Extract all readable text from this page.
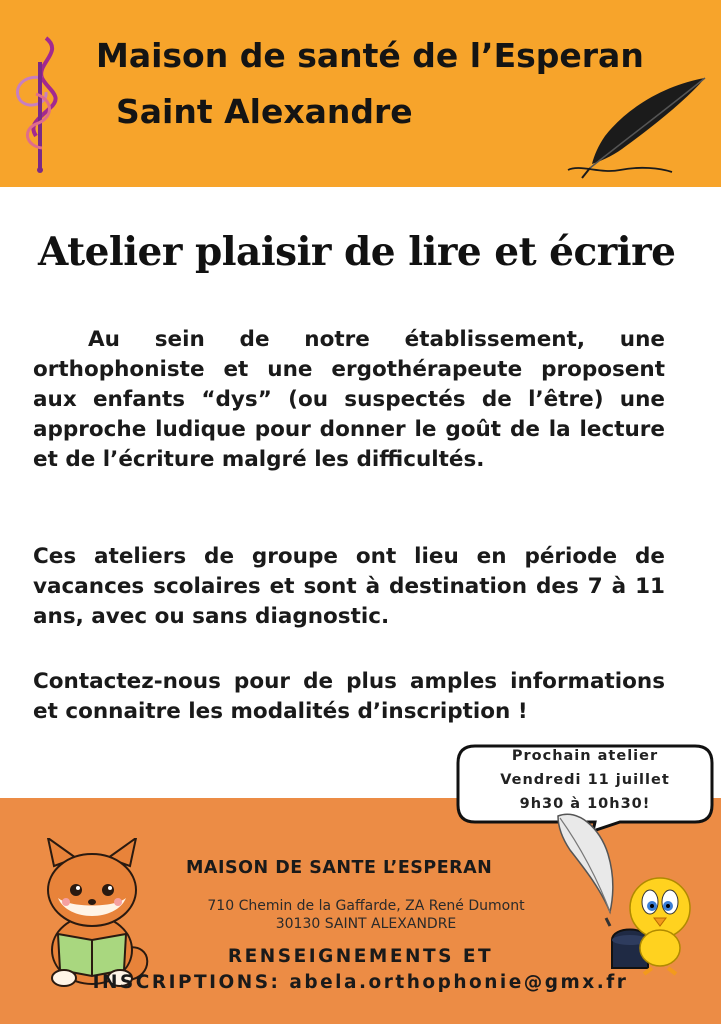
Maison de santé de l’Esperan
Saint Alexandre
Atelier plaisir de lire et écrire
Au sein de notre établissement, une orthophoniste et une ergothérapeute proposent aux enfants “dys” (ou suspectés de l’être) une approche ludique pour donner le goût de la lecture et de l’écriture malgré les difficultés.
Ces ateliers de groupe ont lieu en période de vacances scolaires et sont à destination des 7 à 11 ans, avec ou sans diagnostic.
Contactez-nous pour de plus amples informations et connaitre les modalités d’inscription !
Prochain atelier
Vendredi 11 juillet
9h30 à 10h30!
MAISON DE SANTE L’ESPERAN
710 Chemin de la Gaffarde, ZA René Dumont
30130 SAINT ALEXANDRE
RENSEIGNEMENTS ET
INSCRIPTIONS: abela.orthophonie@gmx.fr
